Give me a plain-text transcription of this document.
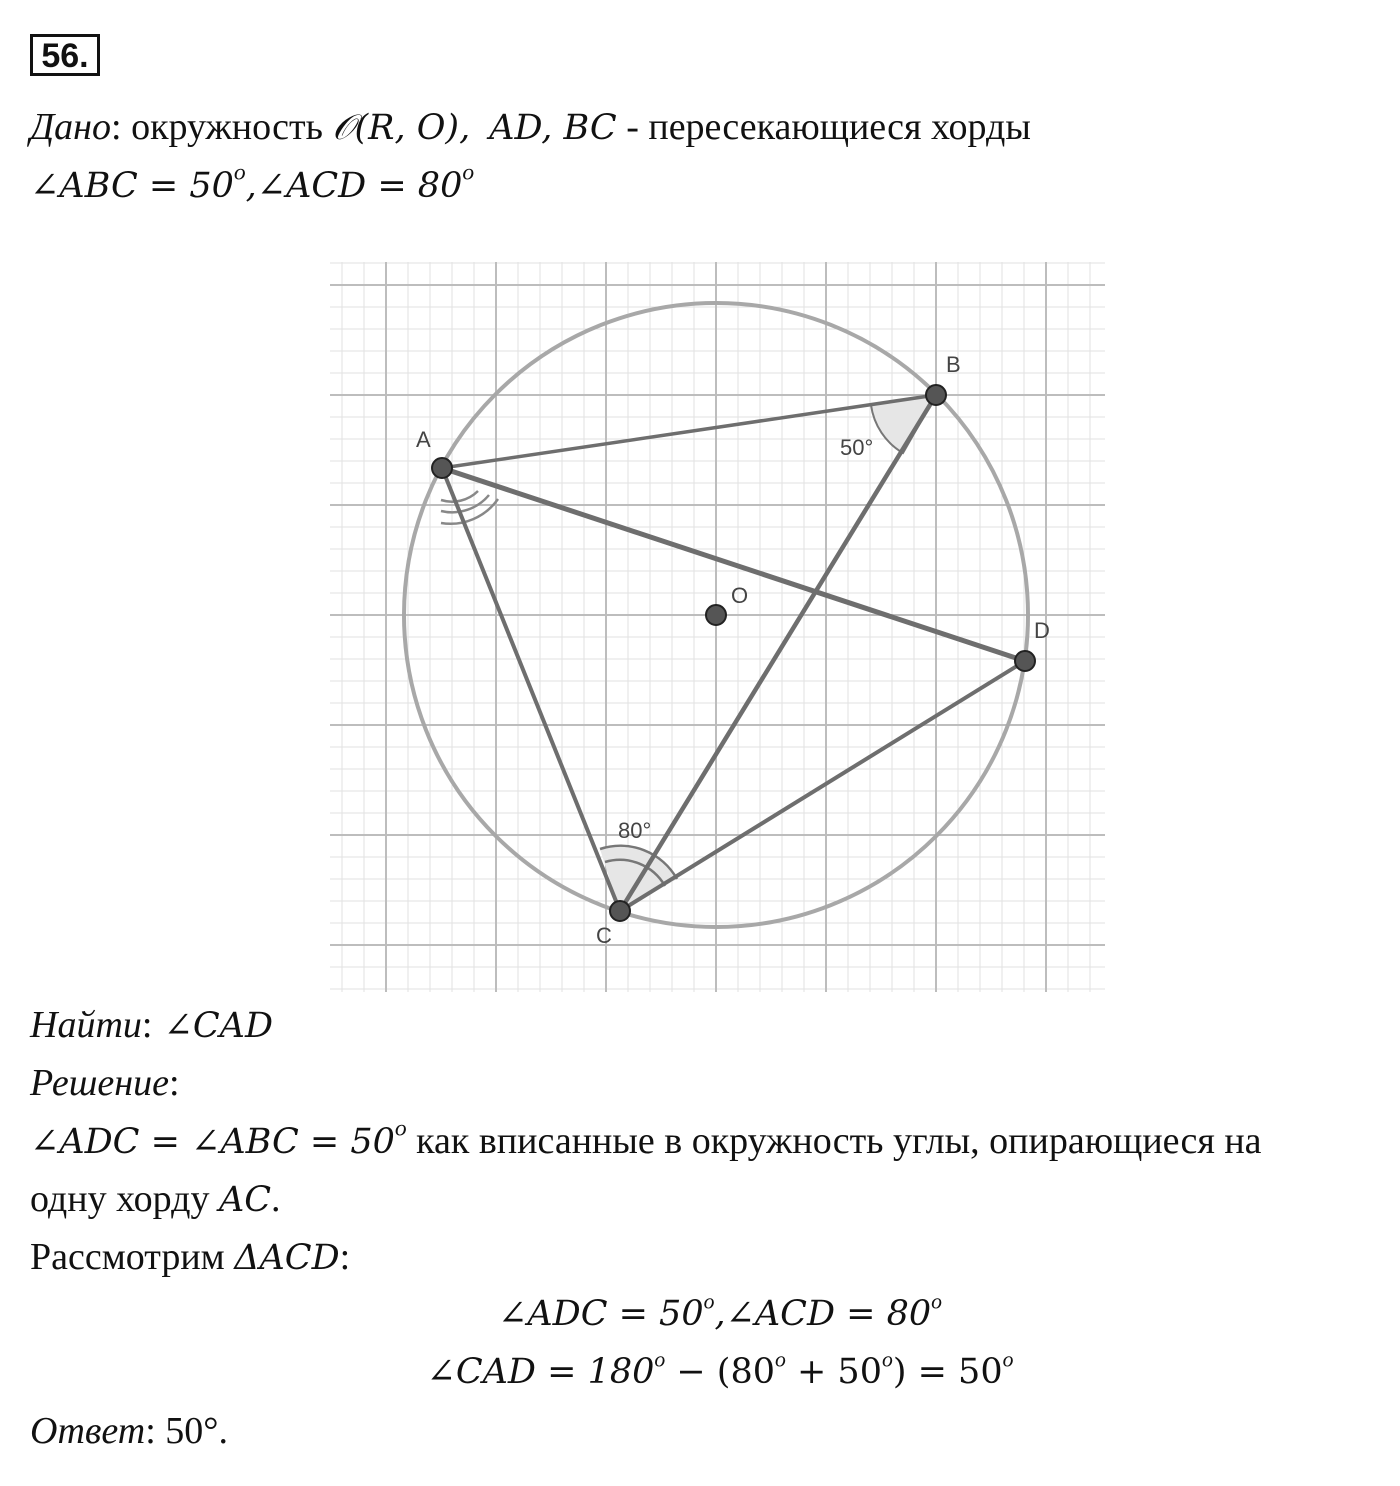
56.
Дано: окружность 𝒪(R, O), AD, BC - пересекающиеся хорды
∠ABC = $50^o,\angle ACD = 80^o$
A
B
C
D
O
50°
80°
Найти: ∠CAD
Решение:
∠ADC = ∠ABC = $50^o$ как вписанные в окружность углы, опирающиеся на
одну хорду AC.
Рассмотрим ΔACD:
∠ADC = $50^o,\angle ACD = 80^o$
∠CAD = $180^o - (80^o + 50^o) = 50^o$
Ответ: 50°.
